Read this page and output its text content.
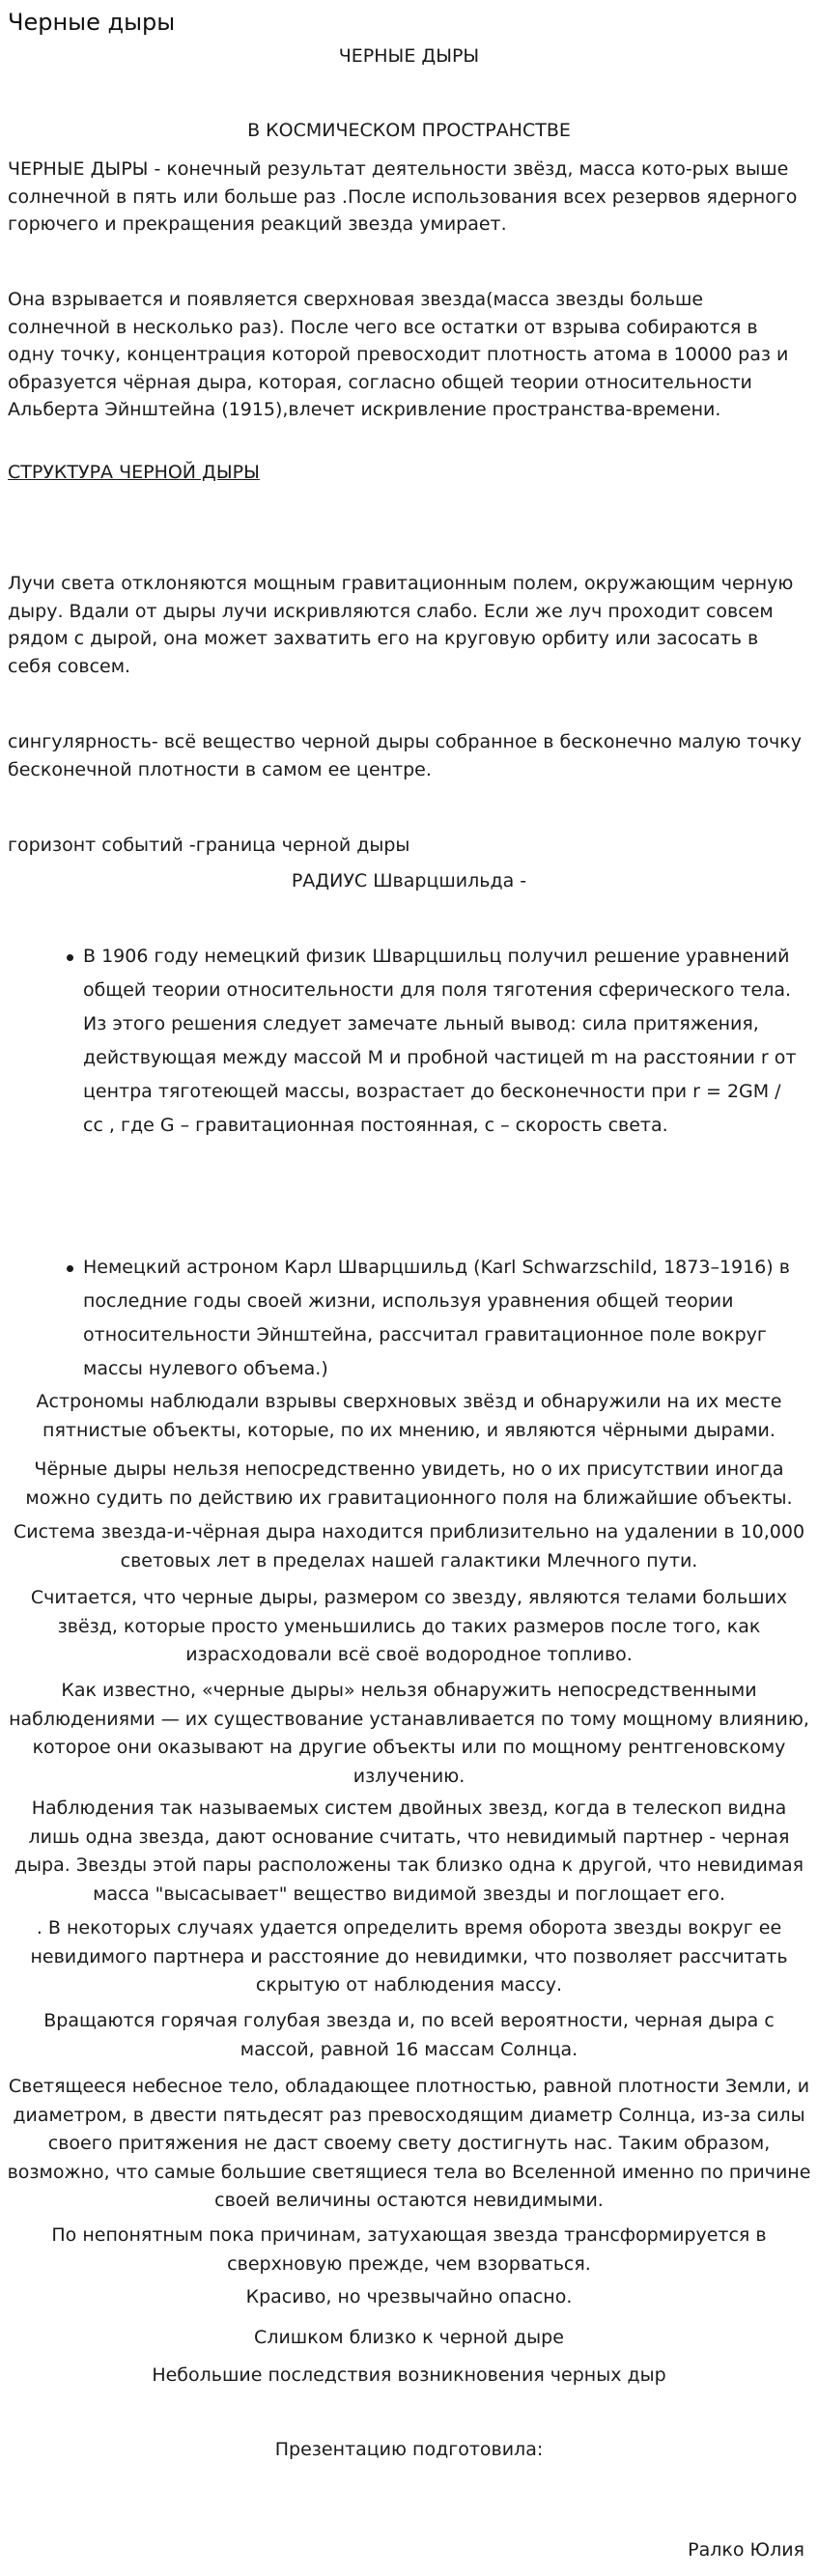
Черные дыры

ЧЕРНЫЕ ДЫРЫ

В КОСМИЧЕСКОМ ПРОСТРАНСТВЕ

ЧЕРНЫЕ ДЫРЫ - конечный результат деятельности звёзд, масса кото-рых выше солнечной в пять или больше раз .После использования всех резервов ядерного горючего и прекращения реакций звезда умирает.

Она взрывается и появляется сверхновая звезда(масса звезды больше солнечной в несколько раз). После чего все остатки от взрыва собираются в одну точку, концентрация которой превосходит плотность атома в 10000 раз и образуется чёрная дыра, которая, согласно общей теории относительности Альберта Эйнштейна (1915),влечет искривление пространства-времени.

СТРУКТУРА ЧЕРНОЙ ДЫРЫ

Лучи света отклоняются мощным гравитационным полем, окружающим черную дыру. Вдали от дыры лучи искривляются слабо. Если же луч проходит совсем рядом с дырой, она может захватить его на круговую орбиту или засосать в себя совсем.

сингулярность- всё вещество черной дыры собранное в бесконечно малую точку бесконечной плотности в самом ее центре.

горизонт событий -граница черной дыры

РАДИУС Шварцшильда -

В 1906 году немецкий физик Шварцшильц получил решение уравнений общей теории относительности для поля тяготения сферического тела. Из этого решения следует замечате льный вывод: сила притяжения, действующая между массой М и пробной частицей m на расстоянии r от центра тяготеющей массы, возрастает до бесконечности при r = 2GM / cc , где G – гравитационная постоянная, c – скорость света.
Немецкий астроном Карл Шварцшильд (Karl Schwarzschild, 1873–1916) в последние годы своей жизни, используя уравнения общей теории относительности Эйнштейна, рассчитал гравитационное поле вокруг массы нулевого объема.)

Астрономы наблюдали взрывы сверхновых звёзд и обнаружили на их месте пятнистые объекты, которые, по их мнению, и являются чёрными дырами.

Чёрные дыры нельзя непосредственно увидеть, но о их присутствии иногда можно судить по действию их гравитационного поля на ближайшие объекты.

Система звезда-и-чёрная дыра находится приблизительно на удалении в 10,000 световых лет в пределах нашей галактики Млечного пути.

Считается, что черные дыры, размером со звезду, являются телами больших звёзд, которые просто уменьшились до таких размеров после того, как израсходовали всё своё водородное топливо.

Как известно, «черные дыры» нельзя обнаружить непосредственными наблюдениями — их существование устанавливается по тому мощному влиянию, которое они оказывают на другие объекты или по мощному рентгеновскому излучению.

Наблюдения так называемых систем двойных звезд, когда в телескоп видна лишь одна звезда, дают основание считать, что невидимый партнер - черная дыра. Звезды этой пары расположены так близко одна к другой, что невидимая масса "высасывает" вещество видимой звезды и поглощает его.

. В некоторых случаях удается определить время оборота звезды вокруг ее невидимого партнера и расстояние до невидимки, что позволяет рассчитать скрытую от наблюдения массу.

Вращаются горячая голубая звезда и, по всей вероятности, черная дыра с массой, равной 16 массам Солнца.

Светящееся небесное тело, обладающее плотностью, равной плотности Земли, и диаметром, в двести пятьдесят раз превосходящим диаметр Солнца, из-за силы своего притяжения не даст своему свету достигнуть нас. Таким образом, возможно, что самые большие светящиеся тела во Вселенной именно по причине своей величины остаются невидимыми.

По непонятным пока причинам, затухающая звезда трансформируется в сверхновую прежде, чем взорваться.

Красиво, но чрезвычайно опасно.

Слишком близко к черной дыре

Небольшие последствия возникновения черных дыр

Презентацию подготовила:

Ралко Юлия
